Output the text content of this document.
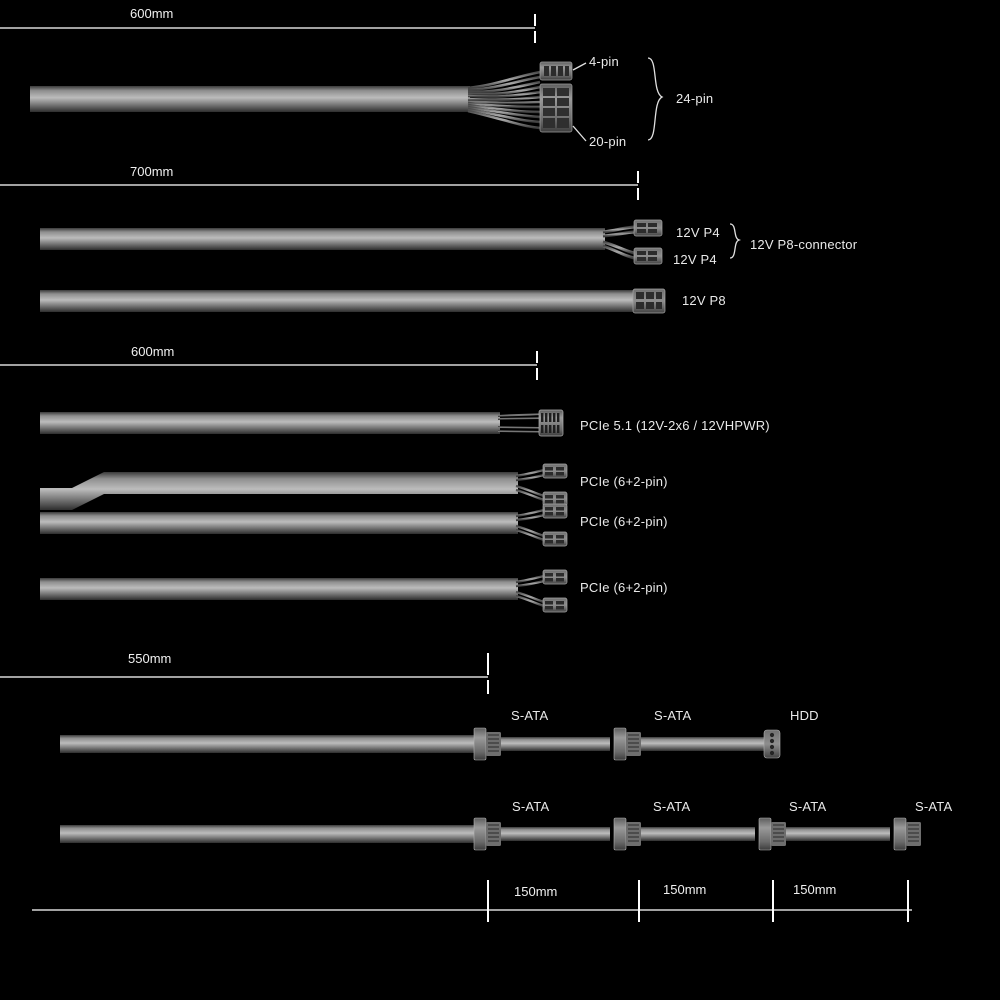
600mm
4-pin
24-pin
20-pin
700mm
12V P4
12V P4
12V P8-connector
12V P8
600mm
PCIe 5.1 (12V-2x6 / 12VHPWR)
PCIe (6+2-pin)
PCIe (6+2-pin)
PCIe (6+2-pin)
550mm
S-ATA	S-ATA	HDD
S-ATA	S-ATA	S-ATA	S-ATA
150mm	150mm	150mm
